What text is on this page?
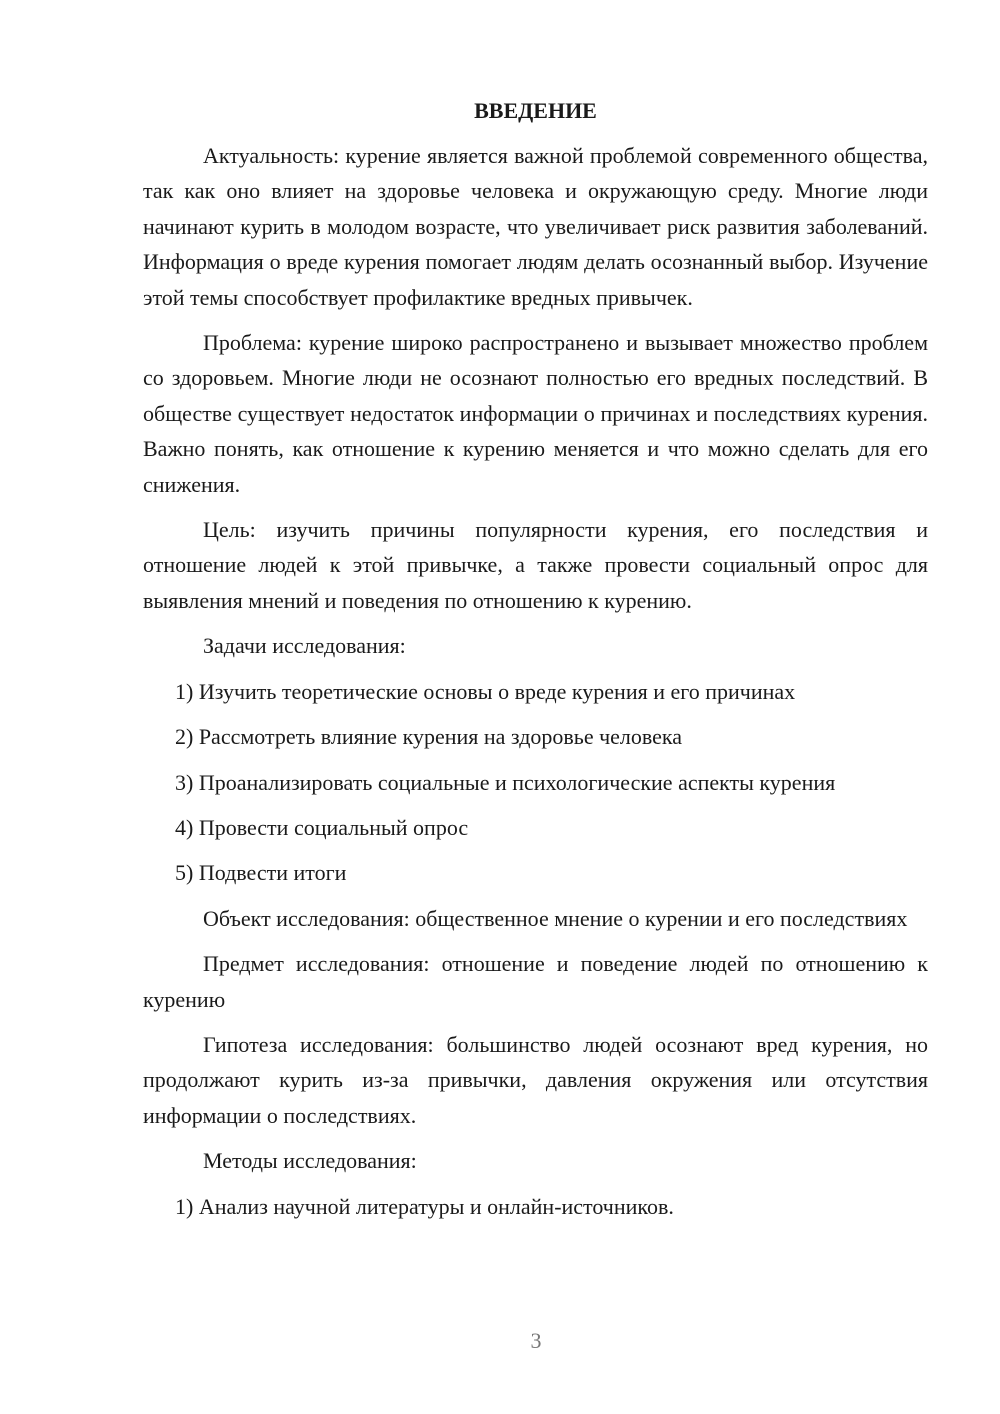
ВВЕДЕНИЕ

Актуальность: курение является важной проблемой современного общества, так как оно влияет на здоровье человека и окружающую среду. Многие люди начинают курить в молодом возрасте, что увеличивает риск развития заболеваний. Информация о вреде курения помогает людям делать осознанный выбор. Изучение этой темы способствует профилактике вредных привычек.

Проблема: курение широко распространено и вызывает множество проблем со здоровьем. Многие люди не осознают полностью его вредных последствий. В обществе существует недостаток информации о причинах и последствиях курения. Важно понять, как отношение к курению меняется и что можно сделать для его снижения.

Цель: изучить причины популярности курения, его последствия и отношение людей к этой привычке, а также провести социальный опрос для выявления мнений и поведения по отношению к курению.

Задачи исследования:

1) Изучить теоретические основы о вреде курения и его причинах
2) Рассмотреть влияние курения на здоровье человека
3) Проанализировать социальные и психологические аспекты курения
4) Провести социальный опрос
5) Подвести итоги

Объект исследования: общественное мнение о курении и его последствиях

Предмет исследования: отношение и поведение людей по отношению к курению

Гипотеза исследования: большинство людей осознают вред курения, но продолжают курить из-за привычки, давления окружения или отсутствия информации о последствиях.

Методы исследования:

1) Анализ научной литературы и онлайн-источников.
3
